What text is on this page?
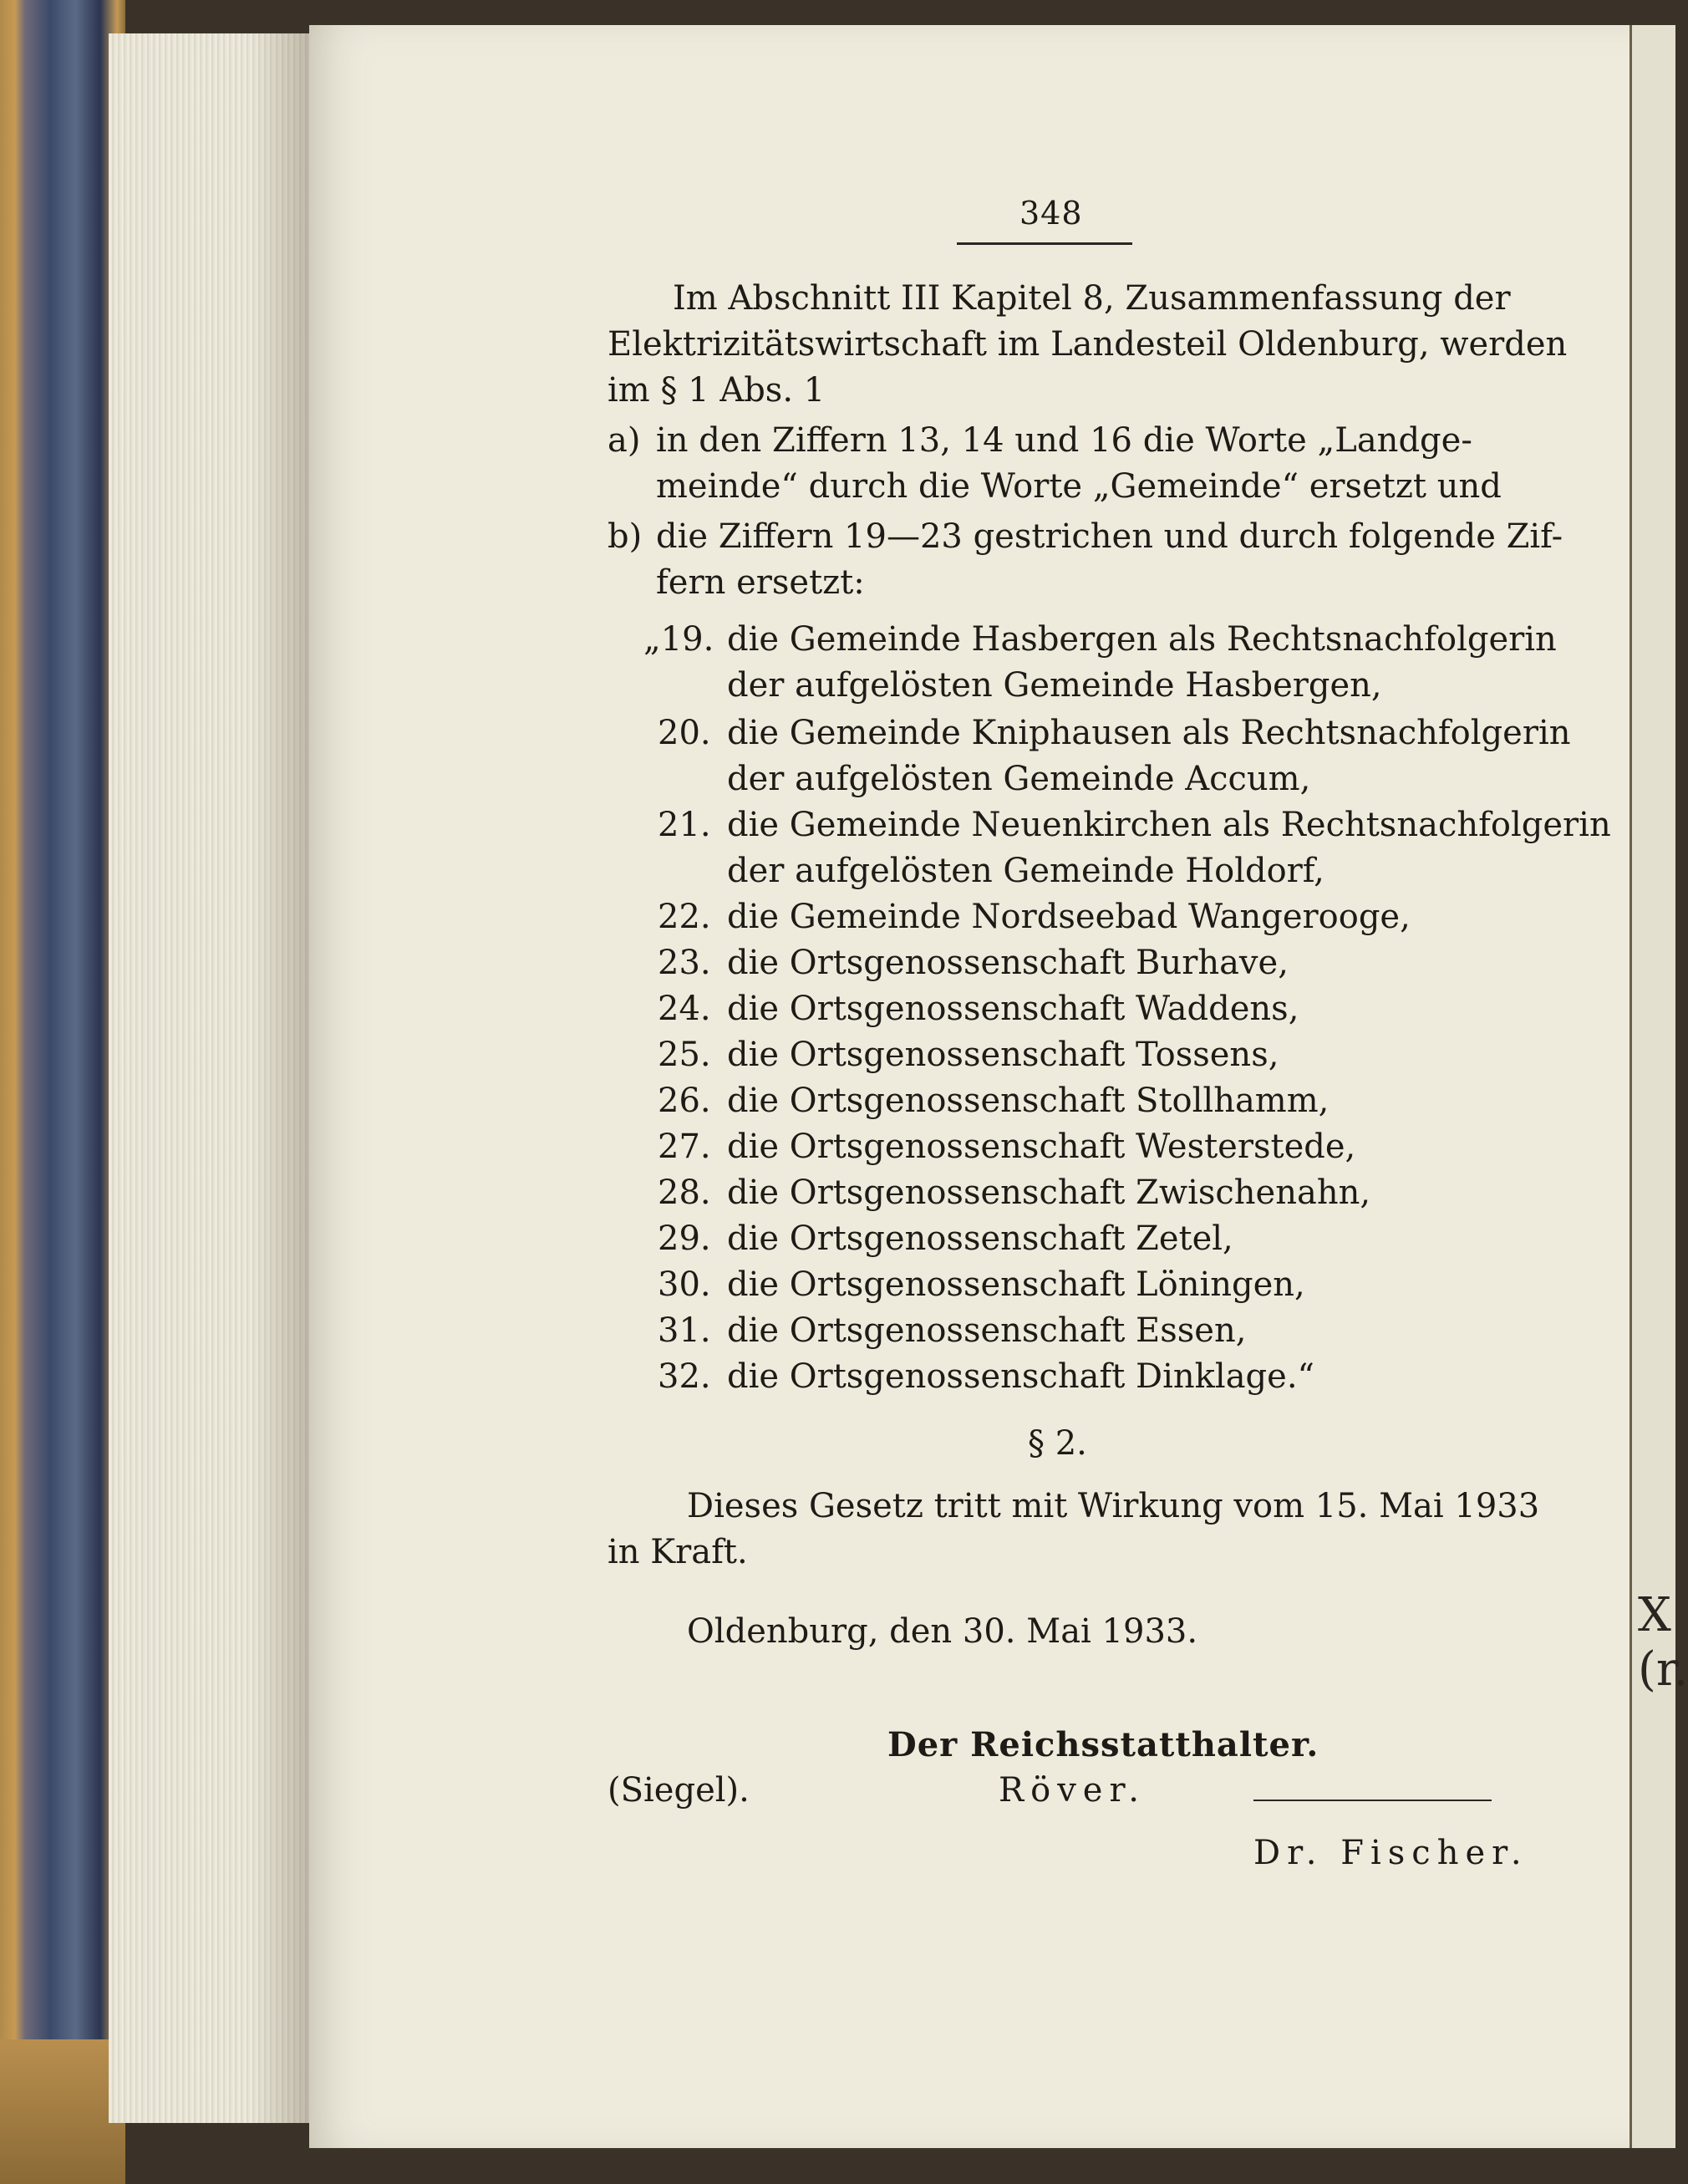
X
(r.
348
Im Abschnitt III Kapitel 8, Zusammenfassung der
Elektrizitätswirtschaft im Landesteil Oldenburg, werden
im § 1 Abs. 1
a) in den Ziffern 13, 14 und 16 die Worte „Landge-
meinde“ durch die Worte „Gemeinde“ ersetzt und
b) die Ziffern 19—23 gestrichen und durch folgende Zif-
fern ersetzt:
„19. die Gemeinde Hasbergen als Rechtsnachfolgerin
der aufgelösten Gemeinde Hasbergen,
20. die Gemeinde Kniphausen als Rechtsnachfolgerin
der aufgelösten Gemeinde Accum,
21. die Gemeinde Neuenkirchen als Rechtsnachfolgerin
der aufgelösten Gemeinde Holdorf,
22. die Gemeinde Nordseebad Wangerooge,
23. die Ortsgenossenschaft Burhave,
24. die Ortsgenossenschaft Waddens,
25. die Ortsgenossenschaft Tossens,
26. die Ortsgenossenschaft Stollhamm,
27. die Ortsgenossenschaft Westerstede,
28. die Ortsgenossenschaft Zwischenahn,
29. die Ortsgenossenschaft Zetel,
30. die Ortsgenossenschaft Löningen,
31. die Ortsgenossenschaft Essen,
32. die Ortsgenossenschaft Dinklage.“
§ 2.
Dieses Gesetz tritt mit Wirkung vom 15. Mai 1933
in Kraft.
Oldenburg, den 30. Mai 1933.
Der Reichsstatthalter.
(Siegel).	Röver.
Dr. Fischer.
